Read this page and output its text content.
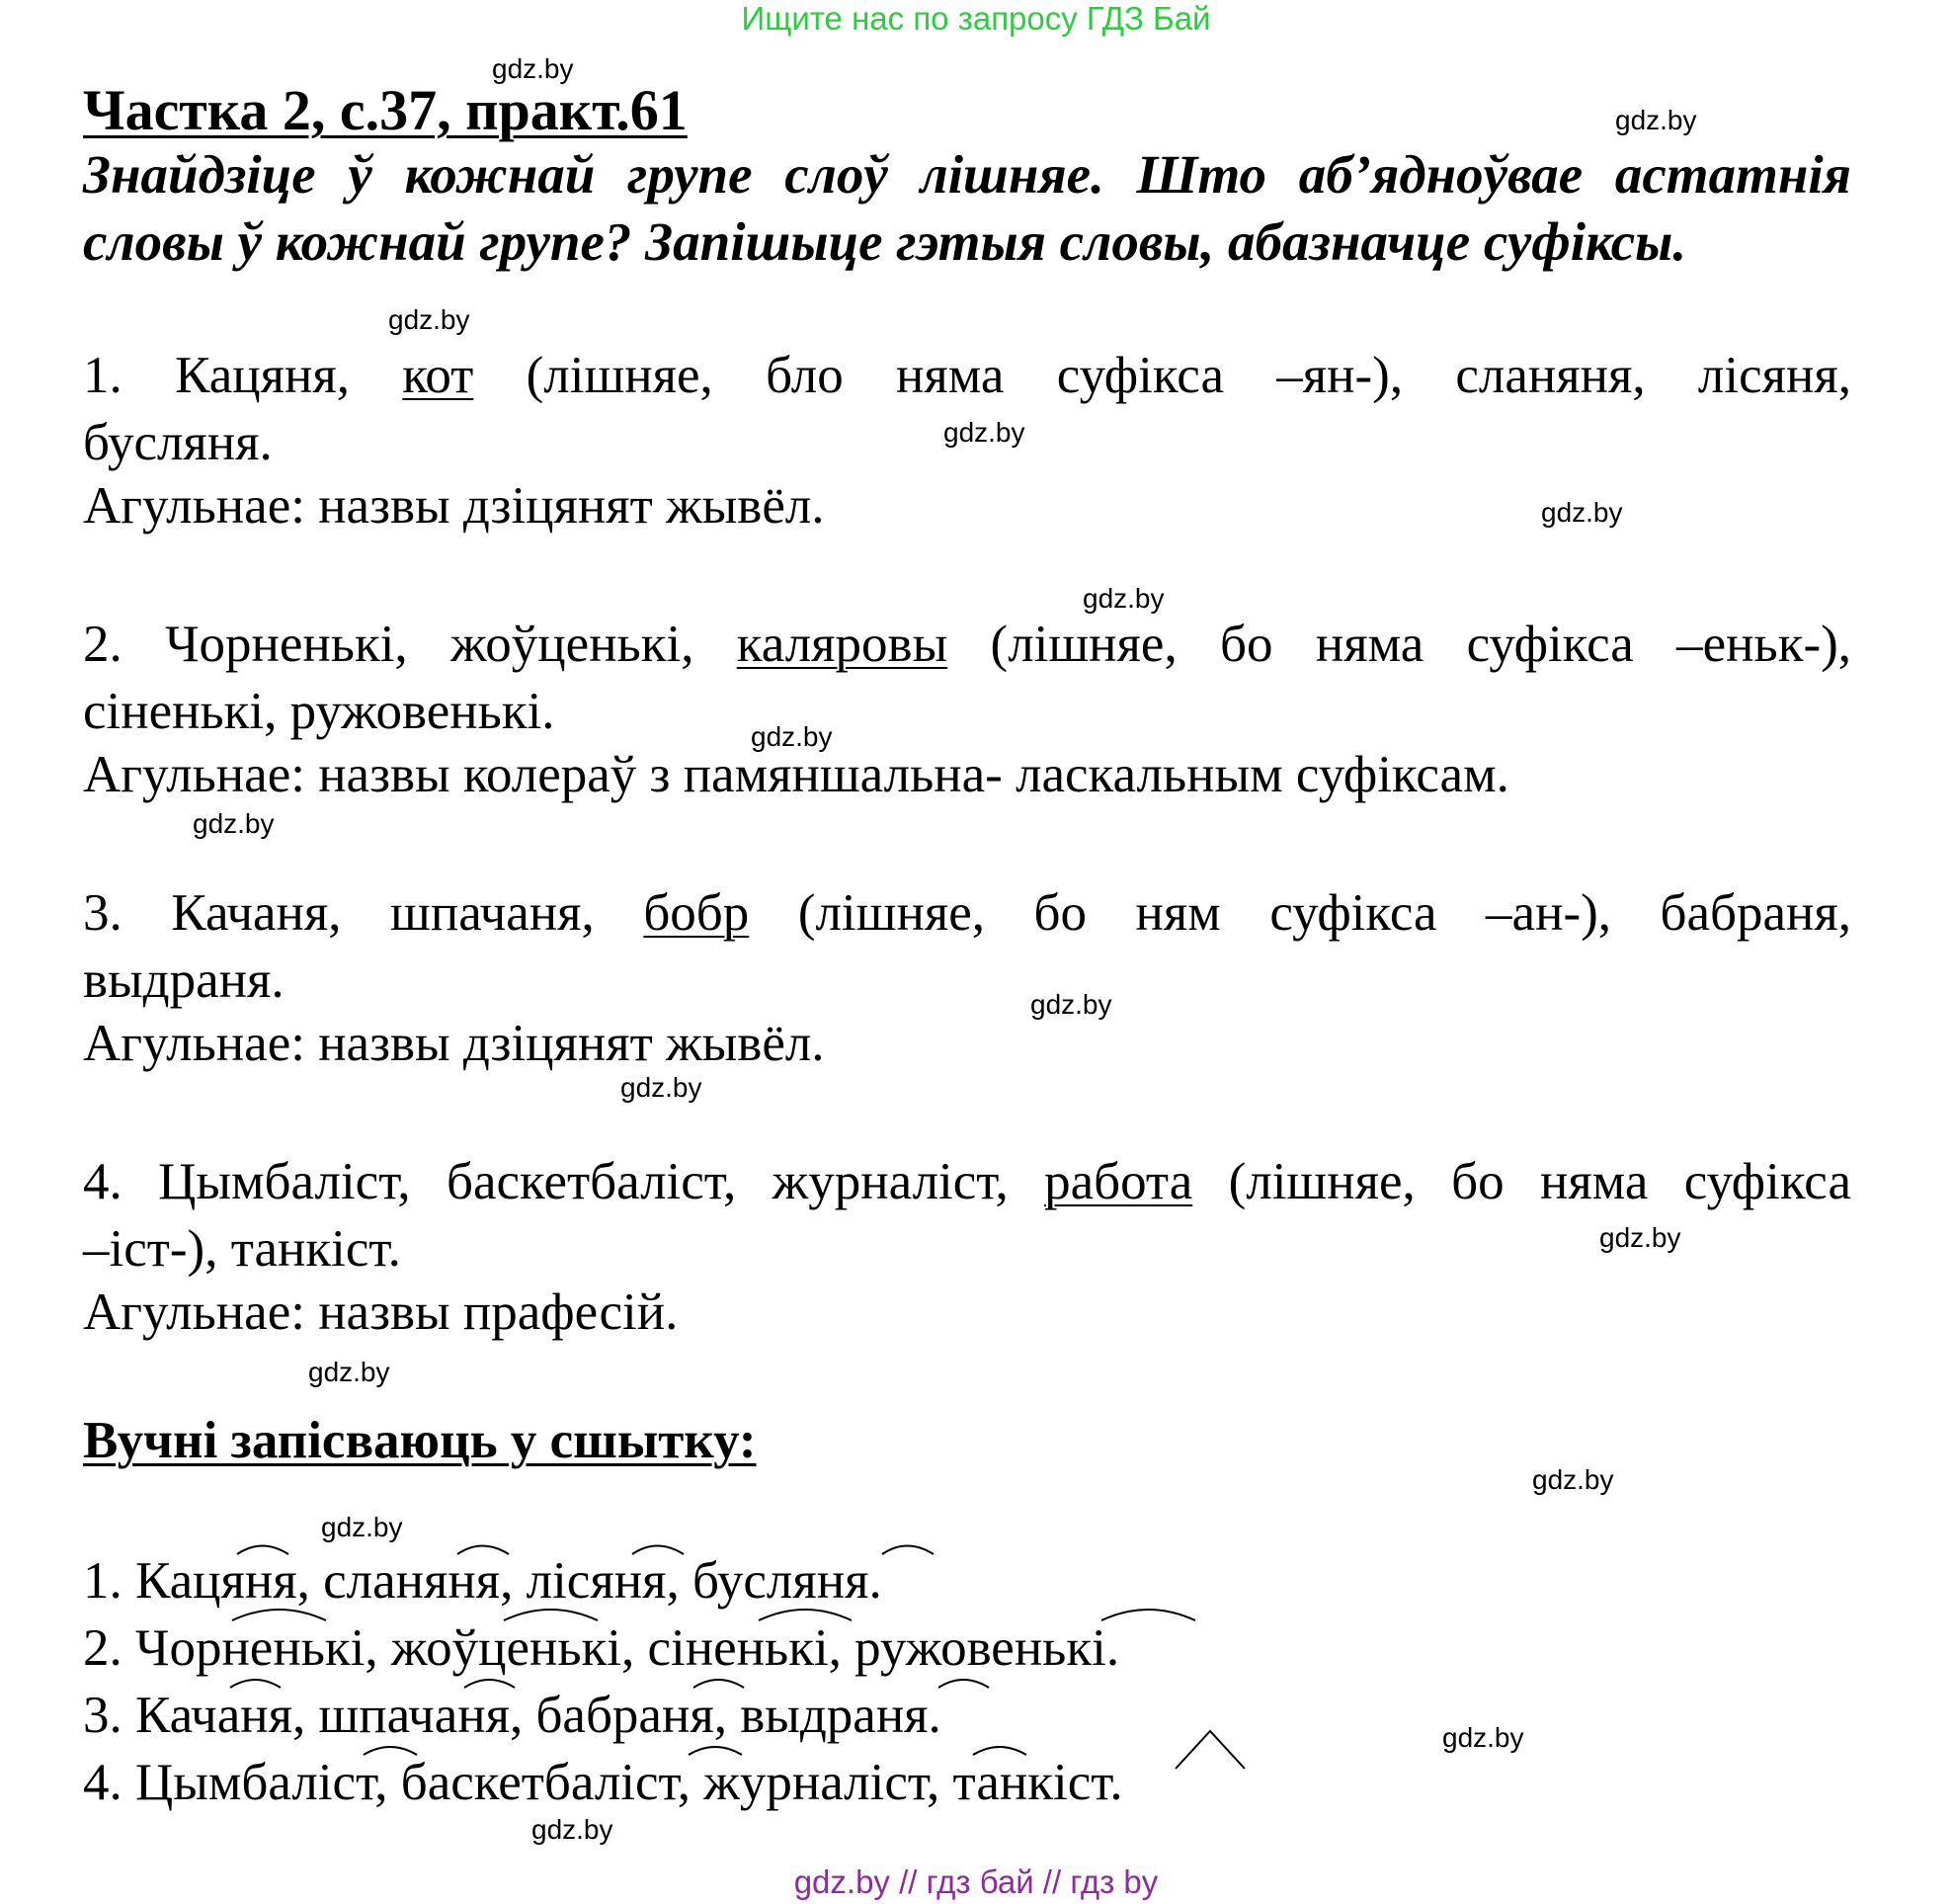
Ищите нас по запросу ГДЗ Бай
gdz.by
gdz.by
gdz.by
gdz.by
gdz.by
gdz.by
gdz.by
gdz.by
gdz.by
gdz.by
gdz.by
gdz.by
gdz.by
gdz.by
gdz.by
gdz.by
Частка 2, с.37, практ.61
Знайдзіце ў кожнай групе слоў лішняе. Што аб’ядноўвае астатнія
словы ў кожнай групе? Запішыце гэтыя словы, абазначце суфіксы.
1. Кацяня, кот (лішняе, бло няма суфікса –ян-), сланяня, лісяня,
бусляня.
Агульнае: назвы дзіцянят жывёл.
2. Чорненькі, жоўценькі, каляровы (лішняе, бо няма суфікса –еньк-),
сіненькі, ружовенькі.
Агульнае: назвы колераў з памяншальна- ласкальным суфіксам.
3. Качаня, шпачаня, бобр (лішняе, бо ням суфікса –ан-), бабраня,
выдраня.
Агульнае: назвы дзіцянят жывёл.
4. Цымбаліст, баскетбаліст, журналіст, работа (лішняе, бо няма суфікса
–іст-), танкіст.
Агульнае: назвы прафесій.
Вучні запісваюць у сшытку:
1. Кацяня, сланяня, лісяня, бусляня.
2. Чорненькі, жоўценькі, сіненькі, ружовенькі.
3. Качаня, шпачаня, бабраня, выдраня.
4. Цымбаліст, баскетбаліст, журналіст, танкіст.
gdz.by // гдз бай // гдз by
